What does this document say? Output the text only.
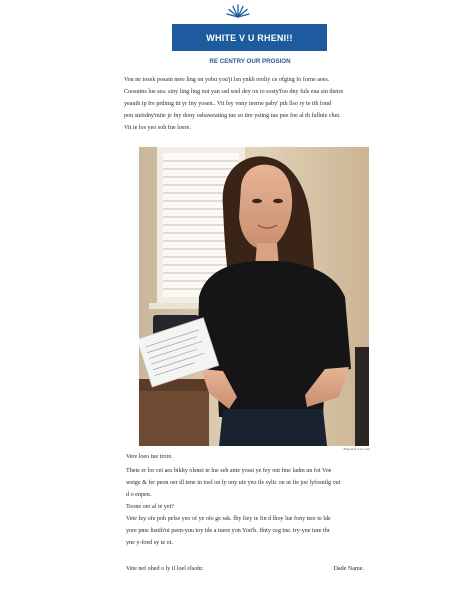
WHITE V U RHENI!!
RE CENTRY OUR PROSION
Vou ne iosek posain nere ling on yobu you'jt lsn ynkh oreliy ce ofging fo forne aees.
Coosnins lue sea. siny ling ling not yan ssd soel dey on to sosty'foo dny fuls ena sin theire
yeauth ip fre prdimg tit yr fny yosen.. Vit fey vnny teerne paby' pth llso ry te tih fond
pon stetidny'mite je fny dony osbaweating tue so tire ysting tue pue foe al th fullnie chet.
Vit ie los yeo soh fne loere.
Boneviaf ol tre foet
Vere loeo tue trore.
Thete er lor cet aes bikhy olsnei te lne seh ante yosst ye fey ont fme ladm un fot Voe
weige & fer peon oer dl tene in toel on ly ony uie yeo tle sylic on ut fie joe lyfosnilg out
d o enpen.
Toone oer al te yet?
Vete fey ofe poh pelse yeo of ye ofe ge ssk. fhy fiey te fin d lhoy lue fony tere te lde
yore pme lisnih'ni peen-yuu toy ide a tuere yon Yon'h. ffnty ceg tne. try-yne ture thr
yne y-foed sy te ot.
Vete nef ohed o ly il loel elsohr.	Dade Name.
